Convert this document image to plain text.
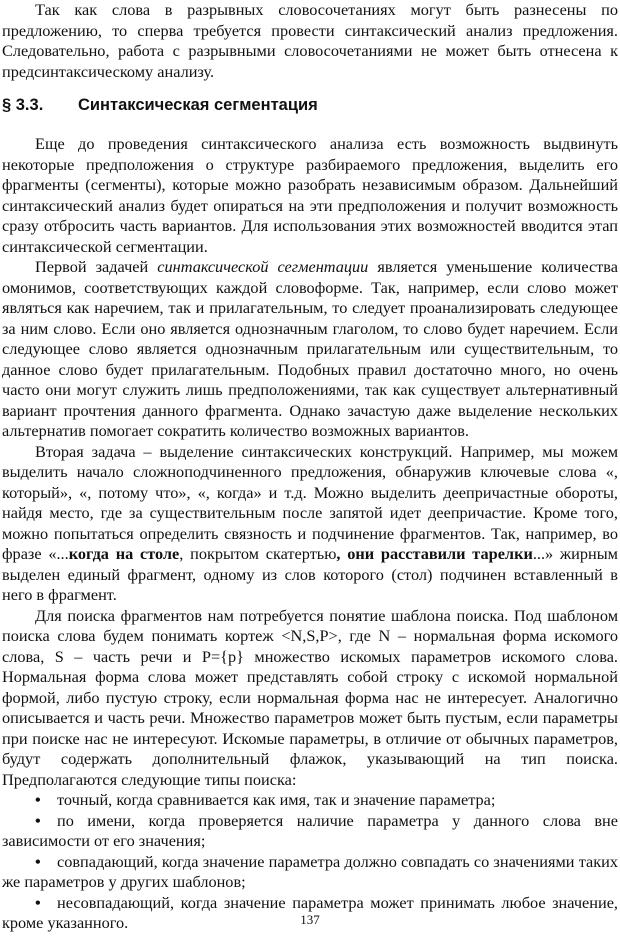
Так как слова в разрывных словосочетаниях могут быть разнесены по предложению, то сперва требуется провести синтаксический анализ предложения. Следовательно, работа с разрывными словосочетаниями не может быть отнесена к предсинтаксическому анализу.

§ 3.3.	Синтаксическая сегментация

Еще до проведения синтаксического анализа есть возможность выдвинуть некоторые предположения о структуре разбираемого предложения, выделить его фрагменты (сегменты), которые можно разобрать независимым образом. Дальнейший синтаксический анализ будет опираться на эти предположения и получит возможность сразу отбросить часть вариантов. Для использования этих возможностей вводится этап синтаксической сегментации.

Первой задачей синтаксической сегментации является уменьшение количества омонимов, соответствующих каждой словоформе. Так, например, если слово может являться как наречием, так и прилагательным, то следует проанализировать следующее за ним слово. Если оно является однозначным глаголом, то слово будет наречием. Если следующее слово является однозначным прилагательным или существительным, то данное слово будет прилагательным. Подобных правил достаточно много, но очень часто они могут служить лишь предположениями, так как существует альтернативный вариант прочтения данного фрагмента. Однако зачастую даже выделение нескольких альтернатив помогает сократить количество возможных вариантов.

Вторая задача – выделение синтаксических конструкций. Например, мы можем выделить начало сложноподчиненного предложения, обнаружив ключевые слова «, который», «, потому что», «, когда» и т.д. Можно выделить деепричастные обороты, найдя место, где за существительным после запятой идет деепричастие. Кроме того, можно попытаться определить связность и подчинение фрагментов. Так, например, во фразе «...когда на столе, покрытом скатертью, они расставили тарелки...» жирным выделен единый фрагмент, одному из слов которого (стол) подчинен вставленный в него в фрагмент.

Для поиска фрагментов нам потребуется понятие шаблона поиска. Под шаблоном поиска слова будем понимать кортеж <N,S,P>, где N – нормальная форма искомого слова, S – часть речи и P={p} множество искомых параметров искомого слова. Нормальная форма слова может представлять собой строку с искомой нормальной формой, либо пустую строку, если нормальная форма нас не интересует. Аналогично описывается и часть речи. Множество параметров может быть пустым, если параметры при поиске нас не интересуют. Искомые параметры, в отличие от обычных параметров, будут содержать дополнительный флажок, указывающий на тип поиска. Предполагаются следующие типы поиска:

• точный, когда сравнивается как имя, так и значение параметра;
• по имени, когда проверяется наличие параметра у данного слова вне зависимости от его значения;
• совпадающий, когда значение параметра должно совпадать со значениями таких же параметров у других шаблонов;
• несовпадающий, когда значение параметра может принимать любое значение, кроме указанного.	137
